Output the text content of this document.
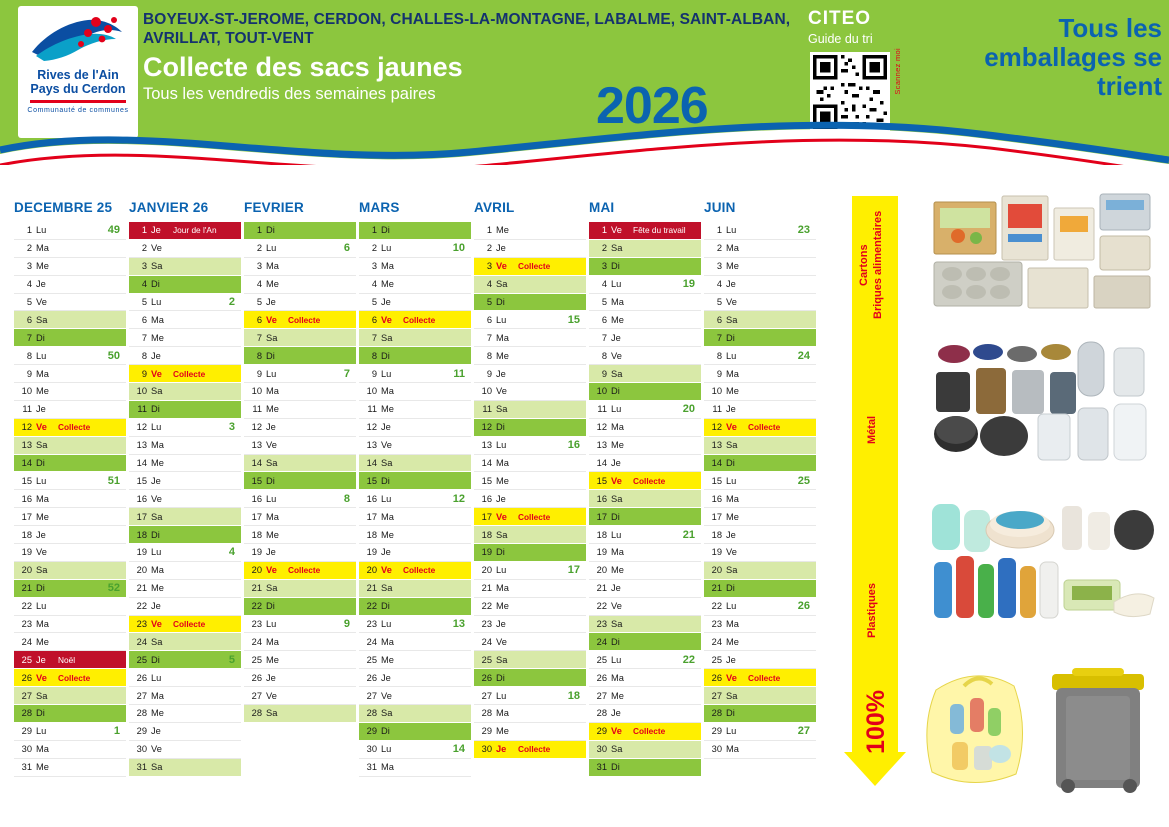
Rives de l'Ain
Pays du Cerdon
Communauté de communes
BOYEUX-ST-JEROME, CERDON, CHALLES-LA-MONTAGNE, LABALME, SAINT-ALBAN, AVRILLAT, TOUT-VENT
Collecte des sacs jaunes
Tous les vendredis des semaines paires	2026
CITEO
Guide du tri
Scannez moi
Tous les emballages se trient
DECEMBRE 25
1 Lu	49
2 Ma
3 Me
4 Je
5 Ve
6 Sa
7 Di
8 Lu	50
9 Ma
10 Me
11 Je
12 Ve	Collecte
13 Sa
14 Di
15 Lu	51
16 Ma
17 Me
18 Je
19 Ve
20 Sa
21 Di	52
22 Lu
23 Ma
24 Me
25 Je	Noël
26 Ve	Collecte
27 Sa
28 Di
29 Lu	1
30 Ma
31 Me
JANVIER 26
1 Je	Jour de l'An
2 Ve
3 Sa
4 Di
5 Lu	2
6 Ma
7 Me
8 Je
9 Ve	Collecte
10 Sa
11 Di
12 Lu	3
13 Ma
14 Me
15 Je
16 Ve
17 Sa
18 Di
19 Lu	4
20 Ma
21 Me
22 Je
23 Ve	Collecte
24 Sa
25 Di	5
26 Lu
27 Ma
28 Me
29 Je
30 Ve
31 Sa
FEVRIER
1 Di
2 Lu	6
3 Ma
4 Me
5 Je
6 Ve	Collecte
7 Sa
8 Di
9 Lu	7
10 Ma
11 Me
12 Je
13 Ve
14 Sa
15 Di
16 Lu	8
17 Ma
18 Me
19 Je
20 Ve	Collecte
21 Sa
22 Di
23 Lu	9
24 Ma
25 Me
26 Je
27 Ve
28 Sa
MARS
1 Di
2 Lu	10
3 Ma
4 Me
5 Je
6 Ve	Collecte
7 Sa
8 Di
9 Lu	11
10 Ma
11 Me
12 Je
13 Ve
14 Sa
15 Di
16 Lu	12
17 Ma
18 Me
19 Je
20 Ve	Collecte
21 Sa
22 Di
23 Lu	13
24 Ma
25 Me
26 Je
27 Ve
28 Sa
29 Di
30 Lu	14
31 Ma
AVRIL
1 Me
2 Je
3 Ve	Collecte
4 Sa
5 Di
6 Lu	15
7 Ma
8 Me
9 Je
10 Ve
11 Sa
12 Di
13 Lu	16
14 Ma
15 Me
16 Je
17 Ve	Collecte
18 Sa
19 Di
20 Lu	17
21 Ma
22 Me
23 Je
24 Ve
25 Sa
26 Di
27 Lu	18
28 Ma
29 Me
30 Je	Collecte
MAI
1 Ve	Fête du travail
2 Sa
3 Di
4 Lu	19
5 Ma
6 Me
7 Je
8 Ve
9 Sa
10 Di
11 Lu	20
12 Ma
13 Me
14 Je
15 Ve	Collecte
16 Sa
17 Di
18 Lu	21
19 Ma
20 Me
21 Je
22 Ve
23 Sa
24 Di
25 Lu	22
26 Ma
27 Me
28 Je
29 Ve	Collecte
30 Sa
31 Di
JUIN
1 Lu	23
2 Ma
3 Me
4 Je
5 Ve
6 Sa
7 Di
8 Lu	24
9 Ma
10 Me
11 Je
12 Ve	Collecte
13 Sa
14 Di
15 Lu	25
16 Ma
17 Me
18 Je
19 Ve
20 Sa
21 Di
22 Lu	26
23 Ma
24 Me
25 Je
26 Ve	Collecte
27 Sa
28 Di
29 Lu	27
30 Ma
Cartons Briques alimentaires
Métal
Plastiques
100%
